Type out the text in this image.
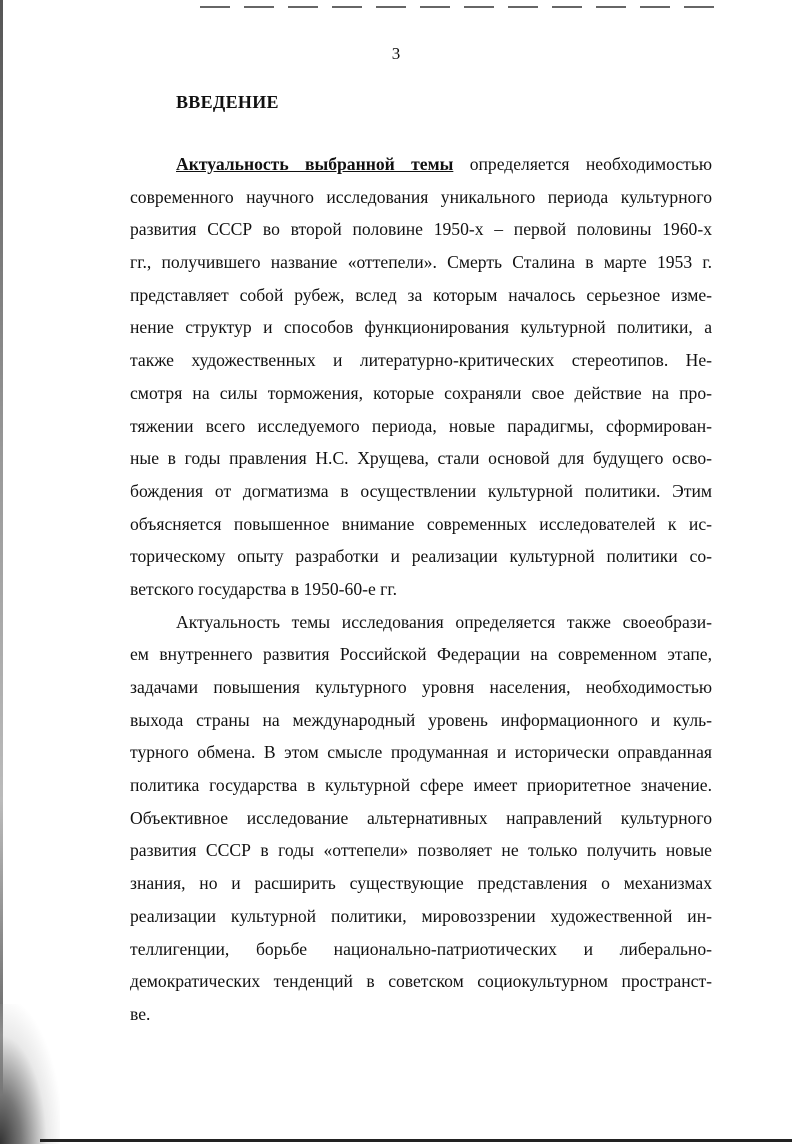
3
ВВЕДЕНИЕ
Актуальность выбранной темы определяется необходимостью
современного научного исследования уникального периода культурного
развития СССР во второй половине 1950-х – первой половины 1960-х
гг., получившего название «оттепели». Смерть Сталина в марте 1953 г.
представляет собой рубеж, вслед за которым началось серьезное изме-
нение структур и способов функционирования культурной политики, а
также художественных и литературно-критических стереотипов. Не-
смотря на силы торможения, которые сохраняли свое действие на про-
тяжении всего исследуемого периода, новые парадигмы, сформирован-
ные в годы правления Н.С. Хрущева, стали основой для будущего осво-
бождения от догматизма в осуществлении культурной политики. Этим
объясняется повышенное внимание современных исследователей к ис-
торическому опыту разработки и реализации культурной политики со-
ветского государства в 1950-60-е гг.
Актуальность темы исследования определяется также своеобрази-
ем внутреннего развития Российской Федерации на современном этапе,
задачами повышения культурного уровня населения, необходимостью
выхода страны на международный уровень информационного и куль-
турного обмена. В этом смысле продуманная и исторически оправданная
политика государства в культурной сфере имеет приоритетное значение.
Объективное исследование альтернативных направлений культурного
развития СССР в годы «оттепели» позволяет не только получить новые
знания, но и расширить существующие представления о механизмах
реализации культурной политики, мировоззрении художественной ин-
теллигенции, борьбе национально-патриотических и либерально-
демократических тенденций в советском социокультурном пространст-
ве.
